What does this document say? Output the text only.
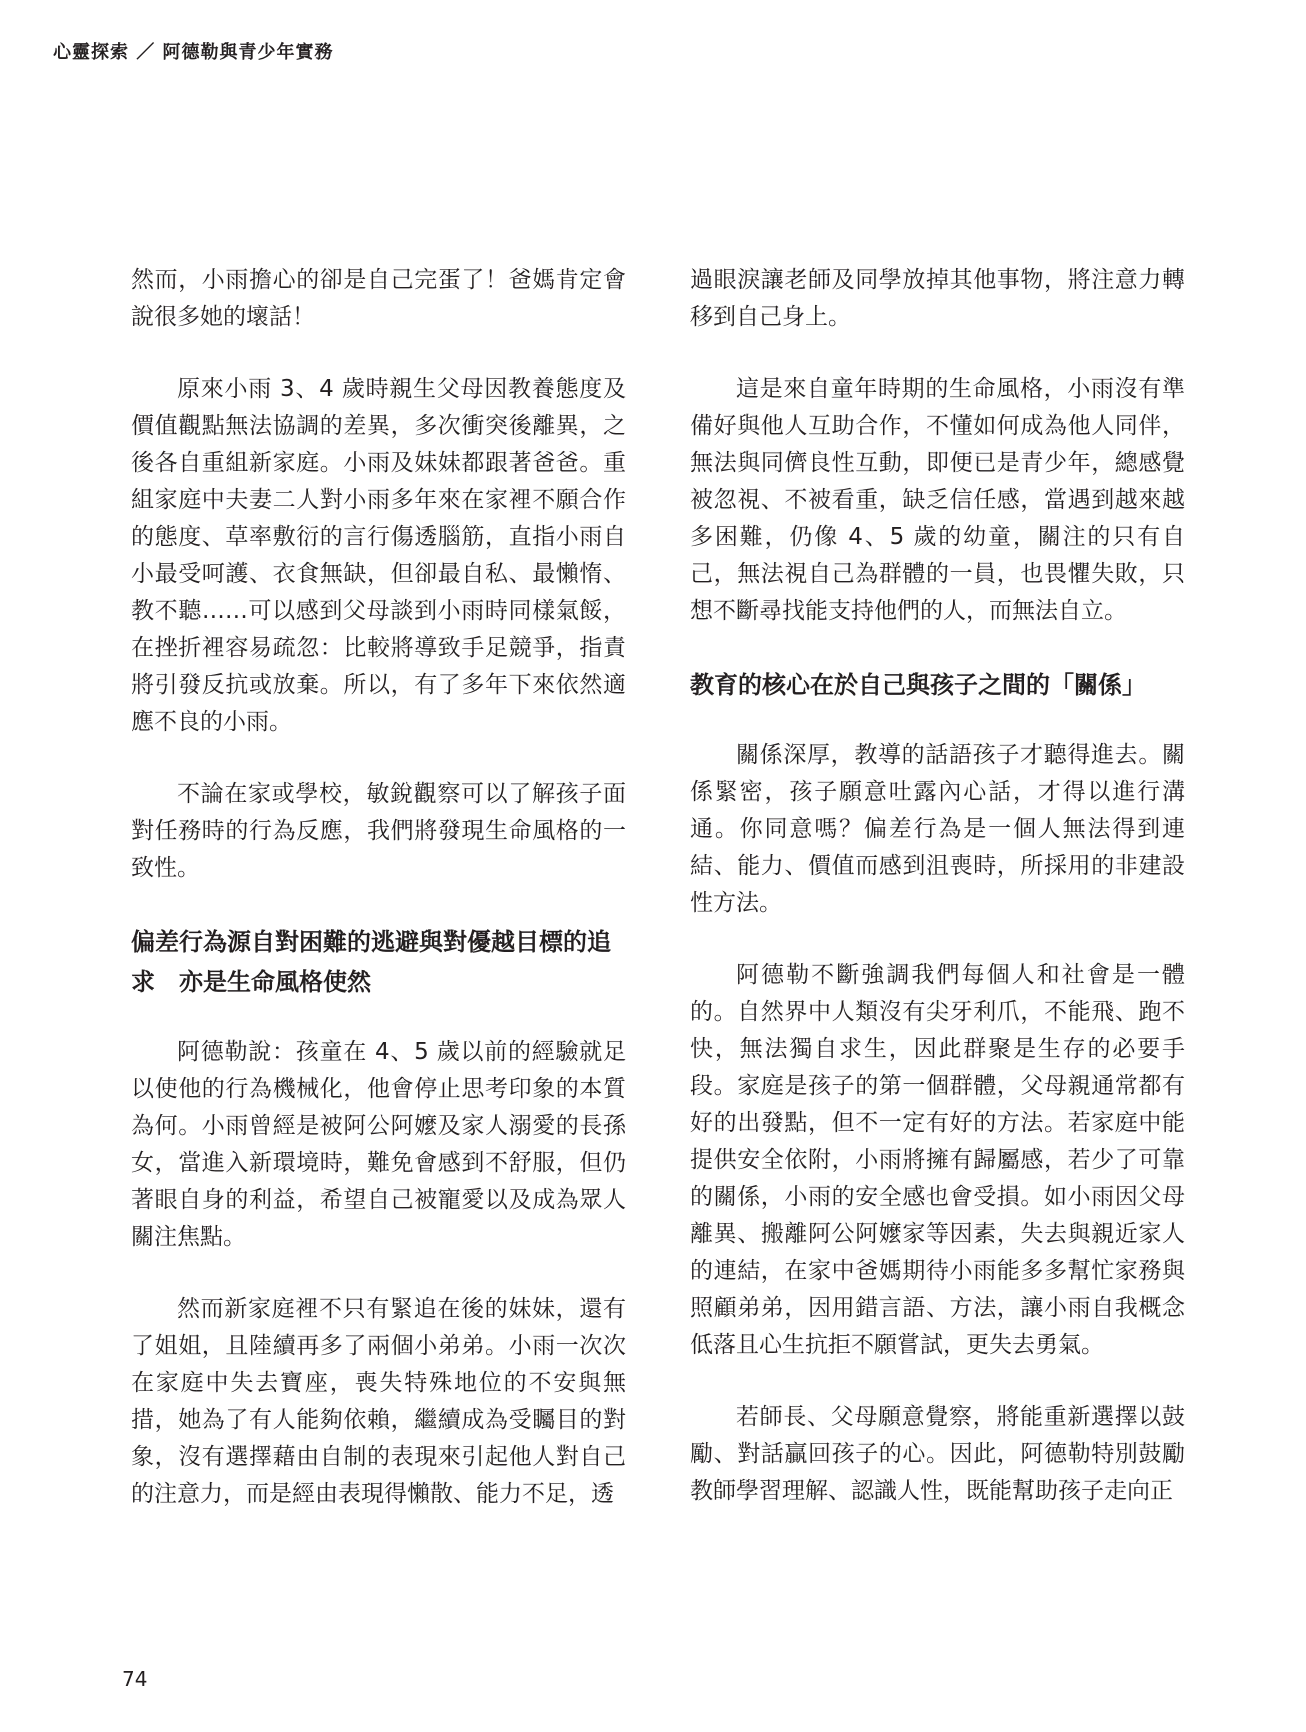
心靈探索 ／ 阿德勒與青少年實務

然而，小雨擔心的卻是自己完蛋了！爸媽肯定會說很多她的壞話！

原來小雨 3、4 歲時親生父母因教養態度及價值觀點無法協調的差異，多次衝突後離異，之後各自重組新家庭。小雨及妹妹都跟著爸爸。重組家庭中夫妻二人對小雨多年來在家裡不願合作的態度、草率敷衍的言行傷透腦筋，直指小雨自小最受呵護、衣食無缺，但卻最自私、最懶惰、教不聽……可以感到父母談到小雨時同樣氣餒，在挫折裡容易疏忽：比較將導致手足競爭，指責將引發反抗或放棄。所以，有了多年下來依然適應不良的小雨。

不論在家或學校，敏銳觀察可以了解孩子面對任務時的行為反應，我們將發現生命風格的一致性。

偏差行為源自對困難的逃避與對優越目標的追求　亦是生命風格使然

阿德勒說：孩童在 4、5 歲以前的經驗就足以使他的行為機械化，他會停止思考印象的本質為何。小雨曾經是被阿公阿嬤及家人溺愛的長孫女，當進入新環境時，難免會感到不舒服，但仍著眼自身的利益，希望自己被寵愛以及成為眾人關注焦點。

然而新家庭裡不只有緊追在後的妹妹，還有了姐姐，且陸續再多了兩個小弟弟。小雨一次次在家庭中失去寶座，喪失特殊地位的不安與無措，她為了有人能夠依賴，繼續成為受矚目的對象，沒有選擇藉由自制的表現來引起他人對自己的注意力，而是經由表現得懶散、能力不足，透

過眼淚讓老師及同學放掉其他事物，將注意力轉移到自己身上。

這是來自童年時期的生命風格，小雨沒有準備好與他人互助合作，不懂如何成為他人同伴，無法與同儕良性互動，即便已是青少年，總感覺被忽視、不被看重，缺乏信任感，當遇到越來越多困難，仍像 4、5 歲的幼童，關注的只有自己，無法視自己為群體的一員，也畏懼失敗，只想不斷尋找能支持他們的人，而無法自立。

教育的核心在於自己與孩子之間的「關係」

關係深厚，教導的話語孩子才聽得進去。關係緊密，孩子願意吐露內心話，才得以進行溝通。你同意嗎？偏差行為是一個人無法得到連結、能力、價值而感到沮喪時，所採用的非建設性方法。

阿德勒不斷強調我們每個人和社會是一體的。自然界中人類沒有尖牙利爪，不能飛、跑不快，無法獨自求生，因此群聚是生存的必要手段。家庭是孩子的第一個群體，父母親通常都有好的出發點，但不一定有好的方法。若家庭中能提供安全依附，小雨將擁有歸屬感，若少了可靠的關係，小雨的安全感也會受損。如小雨因父母離異、搬離阿公阿嬤家等因素，失去與親近家人的連結，在家中爸媽期待小雨能多多幫忙家務與照顧弟弟，因用錯言語、方法，讓小雨自我概念低落且心生抗拒不願嘗試，更失去勇氣。

若師長、父母願意覺察，將能重新選擇以鼓勵、對話贏回孩子的心。因此，阿德勒特別鼓勵教師學習理解、認識人性，既能幫助孩子走向正

74
